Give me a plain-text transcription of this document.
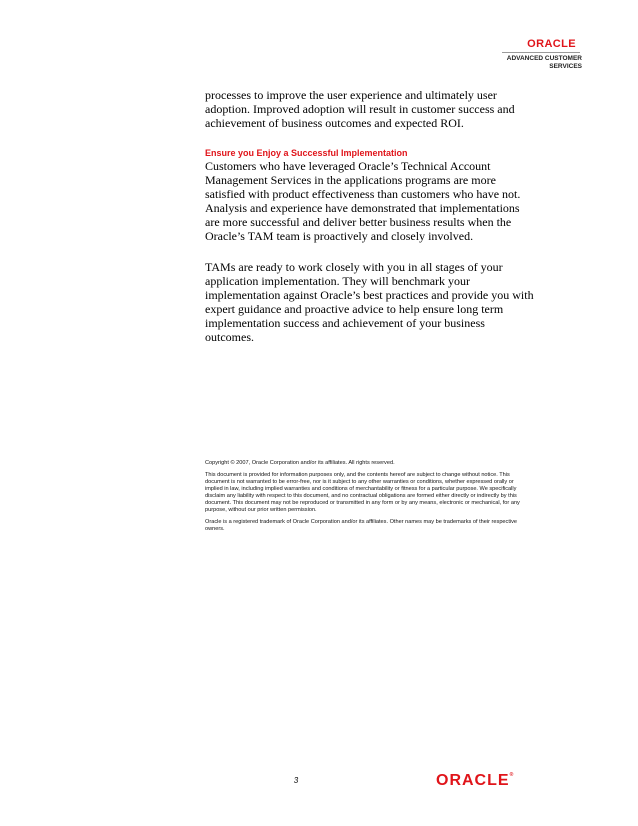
ORACLE
ADVANCED CUSTOMER
SERVICES

processes to improve the user experience and ultimately user adoption. Improved adoption will result in customer success and achievement of business outcomes and expected ROI.

Ensure you Enjoy a Successful Implementation

Customers who have leveraged Oracle’s Technical Account Management Services in the applications programs are more satisfied with product effectiveness than customers who have not. Analysis and experience have demonstrated that implementations are more successful and deliver better business results when the Oracle’s TAM team is proactively and closely involved.

TAMs are ready to work closely with you in all stages of your application implementation. They will benchmark your implementation against Oracle’s best practices and provide you with expert guidance and proactive advice to help ensure long term implementation success and achievement of your business outcomes.

Copyright © 2007, Oracle Corporation and/or its affiliates. All rights reserved.

This document is provided for information purposes only, and the contents hereof are subject to change without notice. This document is not warranted to be error-free, nor is it subject to any other warranties or conditions, whether expressed orally or implied in law, including implied warranties and conditions of merchantability or fitness for a particular purpose. We specifically disclaim any liability with respect to this document, and no contractual obligations are formed either directly or indirectly by this document. This document may not be reproduced or transmitted in any form or by any means, electronic or mechanical, for any purpose, without our prior written permission.

Oracle is a registered trademark of Oracle Corporation and/or its affiliates. Other names may be trademarks of their respective owners.

3	ORACLE®
